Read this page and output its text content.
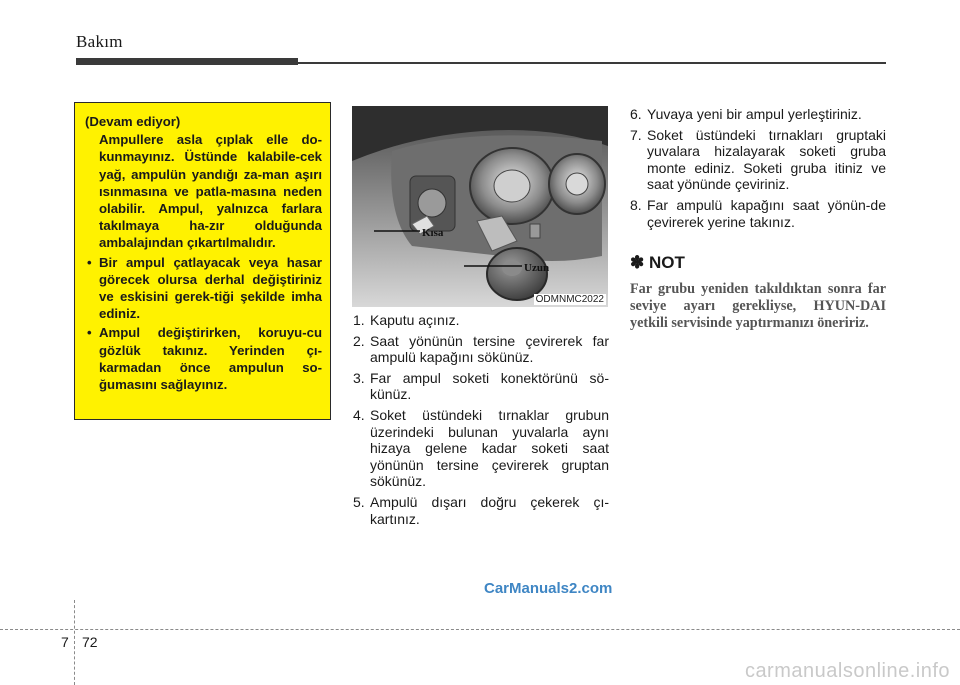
Bakım
(Devam ediyor)
Ampullere asla çıplak elle do-kunmayınız. Üstünde kalabile-cek yağ, ampulün yandığı za-man aşırı ısınmasına ve patla-masına neden olabilir. Ampul, yalnızca farlara takılmaya ha-zır olduğunda ambalajından çıkartılmalıdır.
• Bir ampul çatlayacak veya hasar görecek olursa derhal değiştiriniz ve eskisini gerek-tiği şekilde imha ediniz.
• Ampul değiştirirken, koruyu-cu gözlük takınız. Yerinden çı-karmadan önce ampulun so-ğumasını sağlayınız.
Kısa
Uzun
ODMNMC2022
1. Kaputu açınız.
2. Saat yönünün tersine çevirerek far ampulü kapağını sökünüz.
3. Far ampul soketi konektörünü sö-künüz.
4. Soket üstündeki tırnaklar grubun üzerindeki bulunan yuvalarla aynı hizaya gelene kadar soketi saat yönünün tersine çevirerek gruptan sökünüz.
5. Ampulü dışarı doğru çekerek çı-kartınız.
6. Yuvaya yeni bir ampul yerleştiriniz.
7. Soket üstündeki tırnakları gruptaki yuvalara hizalayarak soketi gruba monte ediniz. Soketi gruba itiniz ve saat yönünde çeviriniz.
8. Far ampulü kapağını saat yönün-de çevirerek yerine takınız.
✽ NOT
Far grubu yeniden takıldıktan sonra far seviye ayarı gerekliyse, HYUN-DAI yetkili servisinde yaptırmanızı öneririz.
CarManuals2.com
7 72
carmanualsonline.info
